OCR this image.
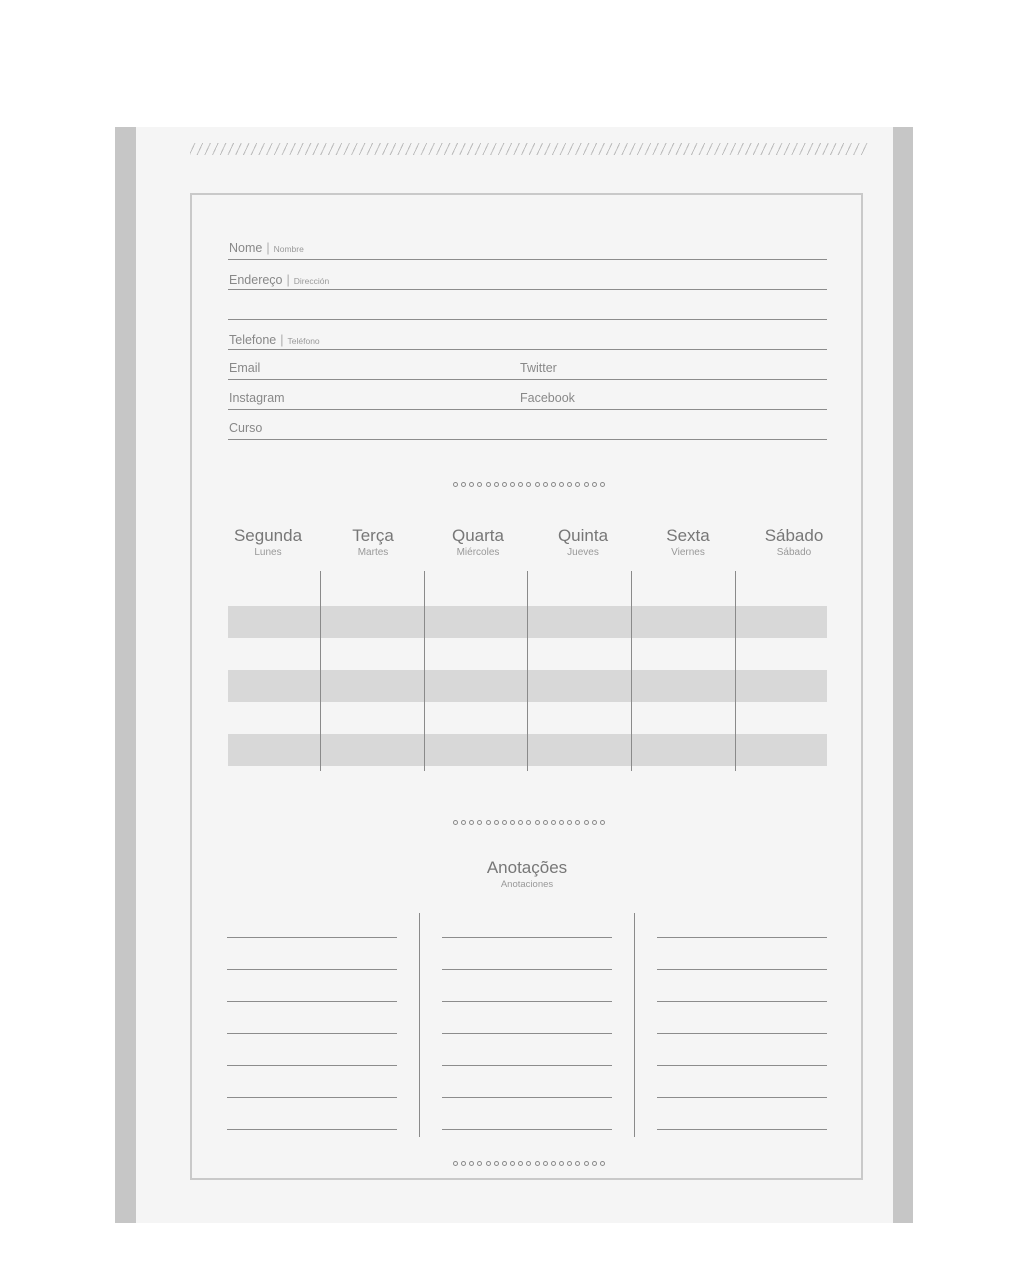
Nome | Nombre
Endereço | Dirección
Telefone | Teléfono
Email	Twitter
Instagram	Facebook
Curso
Segunda
Lunes
Terça
Martes
Quarta
Miércoles
Quinta
Jueves
Sexta
Viernes
Sábado
Sábado
Anotações
Anotaciones
